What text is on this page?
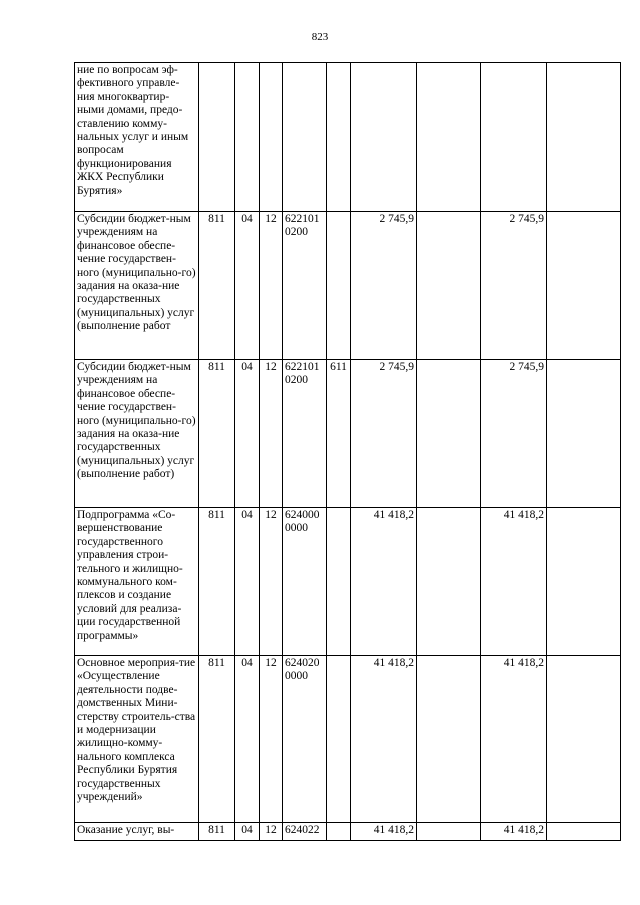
823
ние по вопросам эф-фективного управле-ния многоквартир-ными домами, предо-ставлению комму-нальных услуг и иным вопросам функционирования ЖКХ Республики Бурятия»									
Субсидии бюджет-ным учреждениям на финансовое обеспе-чение государствен-ного (муниципально-го) задания на оказа-ние государственных (муниципальных) услуг (выполнение работ	811	04	12	622101 0200		2 745,9		2 745,9	
Субсидии бюджет-ным учреждениям на финансовое обеспе-чение государствен-ного (муниципально-го) задания на оказа-ние государственных (муниципальных) услуг (выполнение работ)	811	04	12	622101 0200	611	2 745,9		2 745,9	
Подпрограмма «Со-вершенствование государственного управления строи-тельного и жилищно-коммунального ком-плексов и создание условий для реализа-ции государственной программы»	811	04	12	624000 0000		41 418,2		41 418,2	
Основное мероприя-тие «Осуществление деятельности подве-домственных Мини-стерству строитель-ства и модернизации жилищно-комму-нального комплекса Республики Бурятия государственных учреждений»	811	04	12	624020 0000		41 418,2		41 418,2	
Оказание услуг, вы-	811	04	12	624022		41 418,2		41 418,2	
